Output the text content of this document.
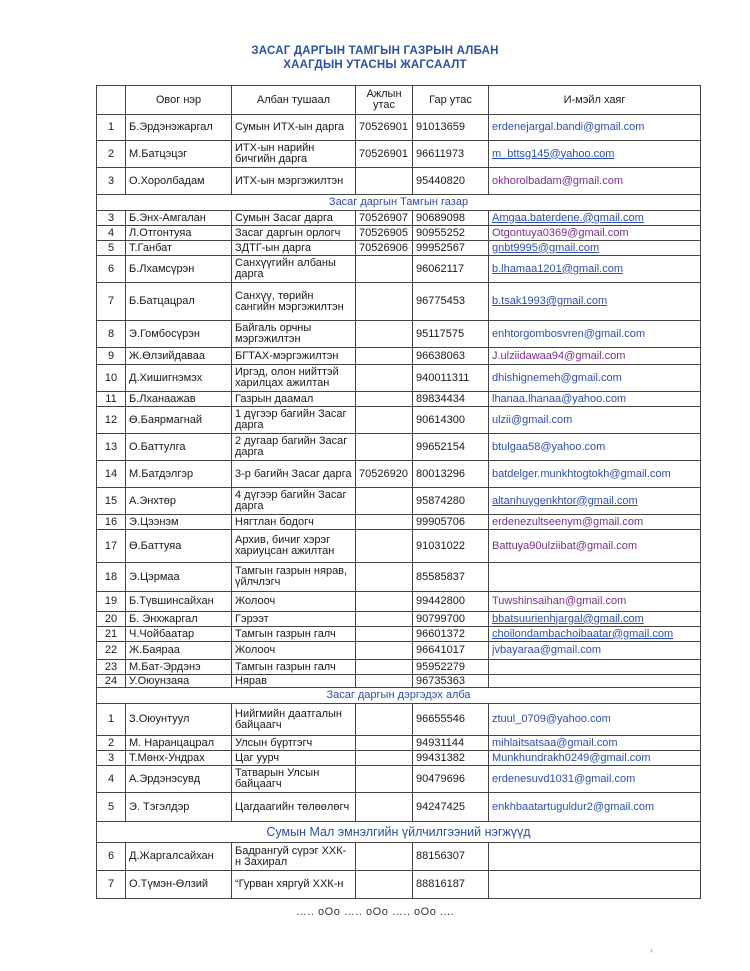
ЗАСАГ ДАРГЫН ТАМГЫН ГАЗРЫН АЛБАН
ХААГДЫН УТАСНЫ ЖАГСААЛТ
	Овог нэр	Албан тушаал	Ажлын утас	Гар утас	И-мэйл хаяг
1	Б.Эрдэнэжаргал	Сумын ИТХ-ын дарга	70526901	91013659	erdenejargal.bandi@gmail.com
2	М.Батцэцэг	ИТХ-ын нарийн бичгийн дарга	70526901	96611973	m_bttsg145@yahoo.com
3	О.Хоролбадам	ИТХ-ын мэргэжилтэн		95440820	okhorolbadam@gmail.com
Засаг даргын Тамгын газар					
3	Б.Энх-Амгалан	Сумын Засаг дарга	70526907	90689098	Amgaa.baterdene.@gmail.com
4	Л.Отгонтуяа	Засаг даргын орлогч	70526905	90955252	Otgontuya0369@gmail.com
5	Т.Ганбат	ЗДТГ-ын дарга	70526906	99952567	gnbt9995@gmail.com
6	Б.Лхамсүрэн	Санхүүгийн албаны дарга		96062117	b.lhamaa1201@gmail.com
7	Б.Батцацрал	Санхүү, төрийн сангийн мэргэжилтэн		96775453	b.tsak1993@gmail.com
8	Э.Гомбосүрэн	Байгаль орчны мэргэжилтэн		95117575	enhtorgombosvren@gmail.com
9	Ж.Өлзийдаваа	БГТАХ-мэргэжилтэн		96638063	J.ulziidawaa94@gmail.com
10	Д.Хишигнэмэх	Иргэд, олон нийттэй харилцах ажилтан		940011311	dhishignemeh@gmail.com
11	Б.Лханаажав	Газрын даамал		89834434	lhanaa.lhanaa@yahoo.com
12	Ө.Баярмагнай	1 дүгээр багийн Засаг дарга		90614300	ulzii@gmail.com
13	О.Баттулга	2 дугаар багийн Засаг дарга		99652154	btulgaa58@yahoo.com
14	М.Батдэлгэр	3-р багийн Засаг дарга	70526920	80013296	batdelger.munkhtogtokh@gmail.com
15	А.Энхтөр	4 дүгээр багийн Засаг дарга		95874280	altanhuygenkhtor@gmail.com
16	Э.Цээнэм	Нягтлан бодогч		99905706	erdenezultseenym@gmail.com
17	Ө.Баттуяа	Архив, бичиг хэрэг хариуцсан ажилтан		91031022	Battuya90ulziibat@gmail.com
18	Э.Цэрмаа	Тамгын газрын нярав, үйлчлэгч		85585837	
19	Б.Түвшинсайхан	Жолооч		99442800	Tuwshinsaihan@gmail.com
20	Б. Энхжаргал	Гэрээт		90799700	bbatsuurienhjargal@gmail.com
21	Ч.Чойбаатар	Тамгын газрын галч		96601372	choilondambachoibaatar@gmail.com
22	Ж.Баяраа	Жолооч		96641017	jvbayaraa@gmail.com
23	М.Бат-Эрдэнэ	Тамгын газрын галч		95952279	
24	У.Оюунзаяа	Нярав		96735363	
Засаг даргын дэргэдэх алба					
1	З.Оюунтуул	Нийгмийн даатгалын байцаагч		96655546	ztuul_0709@yahoo.com
2	М. Наранцацрал	Улсын бүртгэгч		94931144	mihlaitsatsaa@gmail.com
3	Т.Мөнх-Ундрах	Цаг уурч		99431382	Munkhundrakh0249@gmail.com
4	А.Эрдэнэсувд	Татварын Улсын байцаагч		90479696	erdenesuvd1031@gmail.com
5	Э. Тэгэлдэр	Цагдаагийн төлөөлөгч		94247425	enkhbaatartuguldur2@gmail.com
Сумын Мал эмнэлгийн үйлчилгээний нэгжүүд					
6	Д.Жаргалсайхан	Бадрангуй сүрэг ХХК-н Захирал		88156307	
7	О.Түмэн-Өлзий	“Гурван хяргуй ХХК-н		88816187	
….. oOo ….. oOo ….. oOo ....
›
